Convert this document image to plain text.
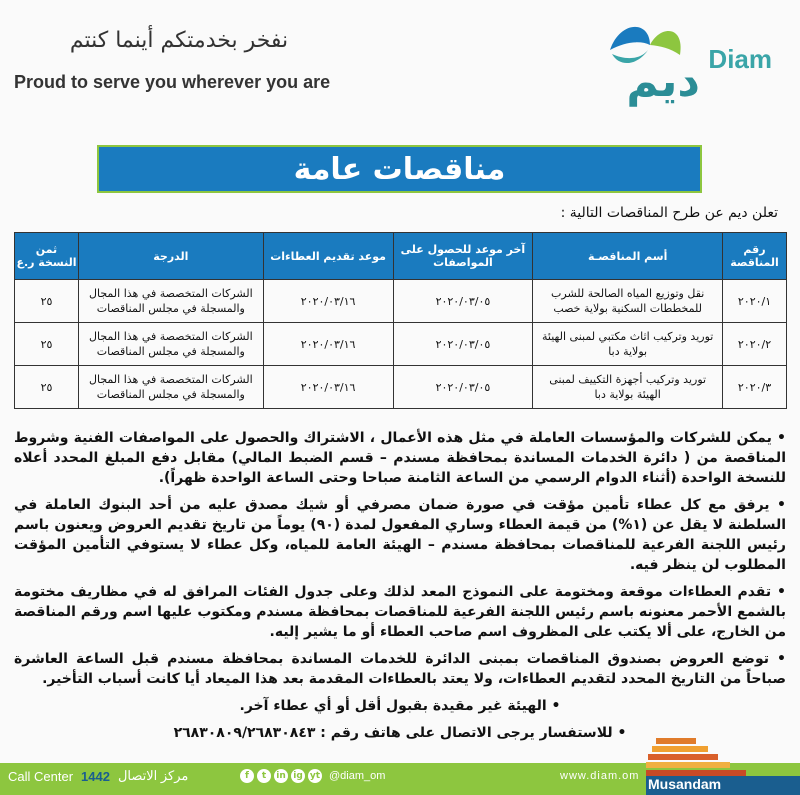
نفخر بخدمتكم أينما كنتم
Proud to serve you wherever you are
Diam
ديم
مناقصات عامة
تعلن ديم عن طرح المناقصات التالية :
رقم المناقصة	أسم المناقصـة	آخر موعد للحصول على المواصفات	موعد تقديم العطاءات	الدرجة	ثمن النسخة ر.ع
٢٠٢٠/١	نقل وتوزيع المياه الصالحة للشرب للمخططات السكنية بولاية خصب	٢٠٢٠/٠٣/٠٥	٢٠٢٠/٠٣/١٦	الشركات المتخصصة في هذا المجال والمسجلة في مجلس المناقصات	٢٥
٢٠٢٠/٢	توريد وتركيب اثاث مكتبي لمبنى الهيئة بولاية دبا	٢٠٢٠/٠٣/٠٥	٢٠٢٠/٠٣/١٦	الشركات المتخصصة في هذا المجال والمسجلة في مجلس المناقصات	٢٥
٢٠٢٠/٣	توريد وتركيب أجهزة التكييف لمبنى الهيئة بولاية دبا	٢٠٢٠/٠٣/٠٥	٢٠٢٠/٠٣/١٦	الشركات المتخصصة في هذا المجال والمسجلة في مجلس المناقصات	٢٥

• يمكن للشركات والمؤسسات العاملة في مثل هذه الأعمال ، الاشتراك والحصول على المواصفات الفنية وشروط المناقصة من ( دائرة الخدمات المساندة بمحافظة مسندم – قسم الضبط المالي) مقابل دفع المبلغ المحدد أعلاه للنسخة الواحدة (أثناء الدوام الرسمي من الساعة الثامنة صباحا وحتى الساعة الواحدة ظهراً).

• يرفق مع كل عطاء تأمين مؤقت في صورة ضمان مصرفي أو شيك مصدق عليه من أحد البنوك العاملة في السلطنة لا يقل عن (١%) من قيمة العطاء وساري المفعول لمدة (٩٠) يوماً من تاريخ تقديم العروض ويعنون باسم رئيس اللجنة الفرعية للمناقصات بمحافظة مسندم – الهيئة العامة للمياه، وكل عطاء لا يستوفي التأمين المؤقت المطلوب لن ينظر فيه.

• تقدم العطاءات موقعة ومختومة على النموذج المعد لذلك وعلى جدول الفئات المرافق له في مظاريف مختومة بالشمع الأحمر معنونه باسم رئيس اللجنة الفرعية للمناقصات بمحافظة مسندم ومكتوب عليها اسم ورقم المناقصة من الخارج، على ألا يكتب على المظروف اسم صاحب العطاء أو ما يشير إليه.

• توضع العروض بصندوق المناقصات بمبنى الدائرة للخدمات المساندة بمحافظة مسندم قبل الساعة العاشرة صباحاً من التاريخ المحدد لتقديم العطاءات، ولا يعتد بالعطاءات المقدمة بعد هذا الميعاد أيا كانت أسباب التأخير.

• الهيئة غير مقيدة بقبول أقل أو أي عطاء آخر.

• للاستفسار يرجى الاتصال على هاتف رقم : ٢٦٨٣٠٨٠٩/٢٦٨٣٠٨٤٣

Call Center 1442 مركز الاتصال	f	t	in ig yt @diam_om	www.diam.om Musandam
